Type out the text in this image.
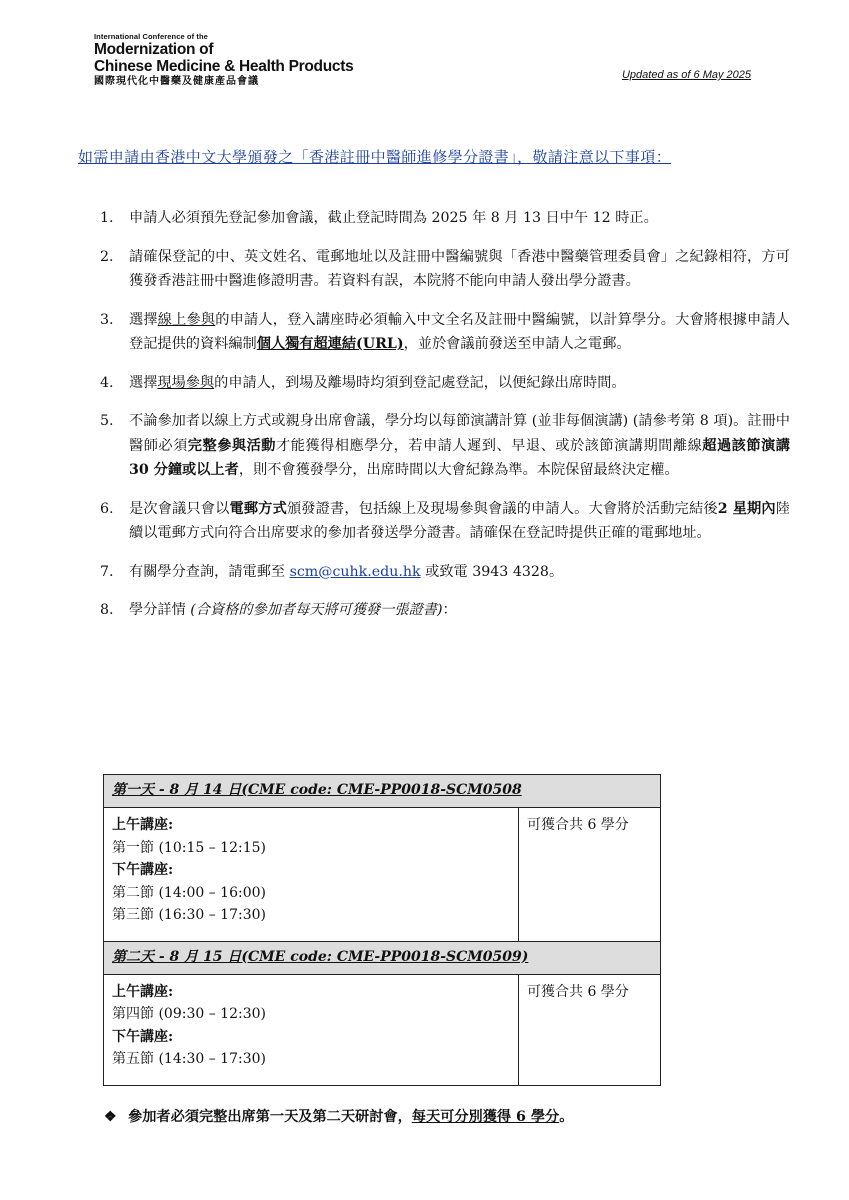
International Conference of the
Modernization of
Chinese Medicine & Health Products
國際現代化中醫藥及健康產品會議
Updated as of 6 May 2025
如需申請由香港中文大學頒發之「香港註冊中醫師進修學分證書」，敬請注意以下事項：
1.	申請人必須預先登記參加會議，截止登記時間為 2025 年 8 月 13 日中午 12 時正。
2.	請確保登記的中、英文姓名、電郵地址以及註冊中醫編號與「香港中醫藥管理委員會」之紀錄相符，方可獲發香港註冊中醫進修證明書。若資料有誤，本院將不能向申請人發出學分證書。
3.	選擇線上參與的申請人，登入講座時必須輸入中文全名及註冊中醫編號，以計算學分。大會將根據申請人登記提供的資料編制個人獨有超連結(URL)，並於會議前發送至申請人之電郵。
4.	選擇現場參與的申請人，到場及離場時均須到登記處登記，以便紀錄出席時間。
5.	不論參加者以線上方式或親身出席會議，學分均以每節演講計算 (並非每個演講) (請參考第 8 項)。註冊中醫師必須完整參與活動才能獲得相應學分，若申請人遲到、早退、或於該節演講期間離線超過該節演講 30 分鐘或以上者，則不會獲發學分，出席時間以大會紀錄為準。本院保留最終決定權。
6.	是次會議只會以電郵方式頒發證書，包括線上及現場參與會議的申請人。大會將於活動完結後2 星期內陸續以電郵方式向符合出席要求的參加者發送學分證書。請確保在登記時提供正確的電郵地址。
7.	有關學分查詢，請電郵至 scm@cuhk.edu.hk 或致電 3943 4328。
8.	學分詳情 (合資格的參加者每天將可獲發一張證書)：
第一天 - 8 月 14 日(CME code: CME-PP0018-SCM0508
上午講座:
第一節 (10:15 – 12:15)
下午講座:
第二節 (14:00 – 16:00)
第三節 (16:30 – 17:30)
可獲合共 6 學分
第二天 - 8 月 15 日(CME code: CME-PP0018-SCM0509)
上午講座:
第四節 (09:30 – 12:30)
下午講座:
第五節 (14:30 – 17:30)
可獲合共 6 學分
❖ 參加者必須完整出席第一天及第二天研討會，每天可分別獲得 6 學分。
